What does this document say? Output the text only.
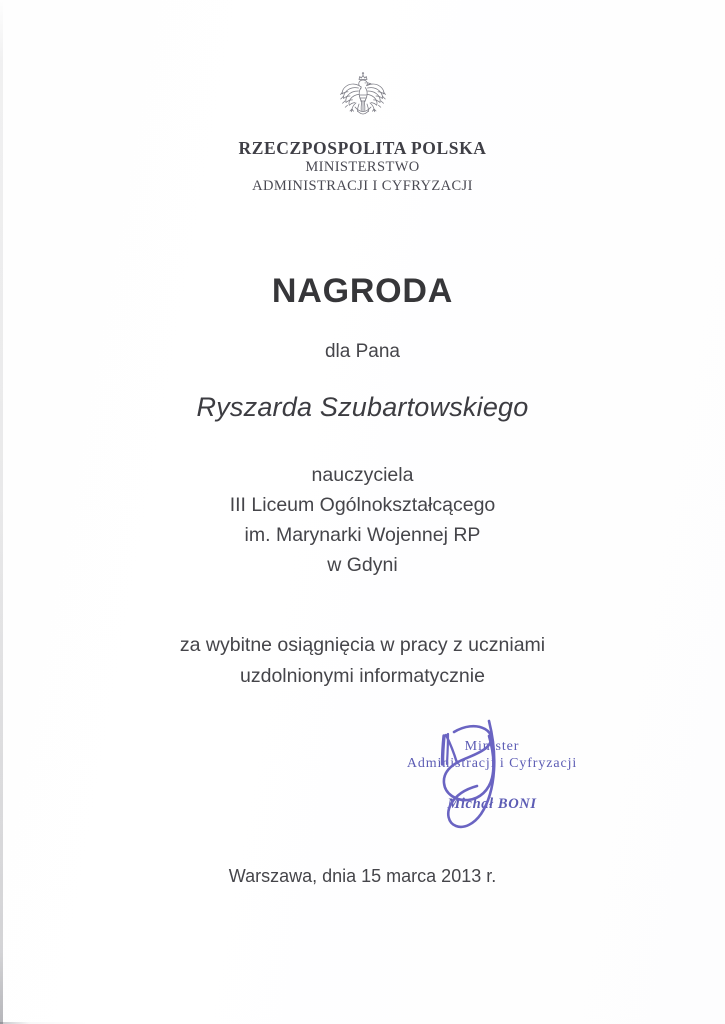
RZECZPOSPOLITA POLSKA

MINISTERSTWO

ADMINISTRACJI I CYFRYZACJI

NAGRODA
dla Pana
Ryszarda Szubartowskiego
nauczyciela
III Liceum Ogólnokształcącego
im. Marynarki Wojennej RP
w Gdyni
za wybitne osiągnięcia w pracy z uczniami
uzdolnionymi informatycznie
Minister
Administracji i Cyfryzacji
Michał BONI
Warszawa, dnia 15 marca 2013 r.
